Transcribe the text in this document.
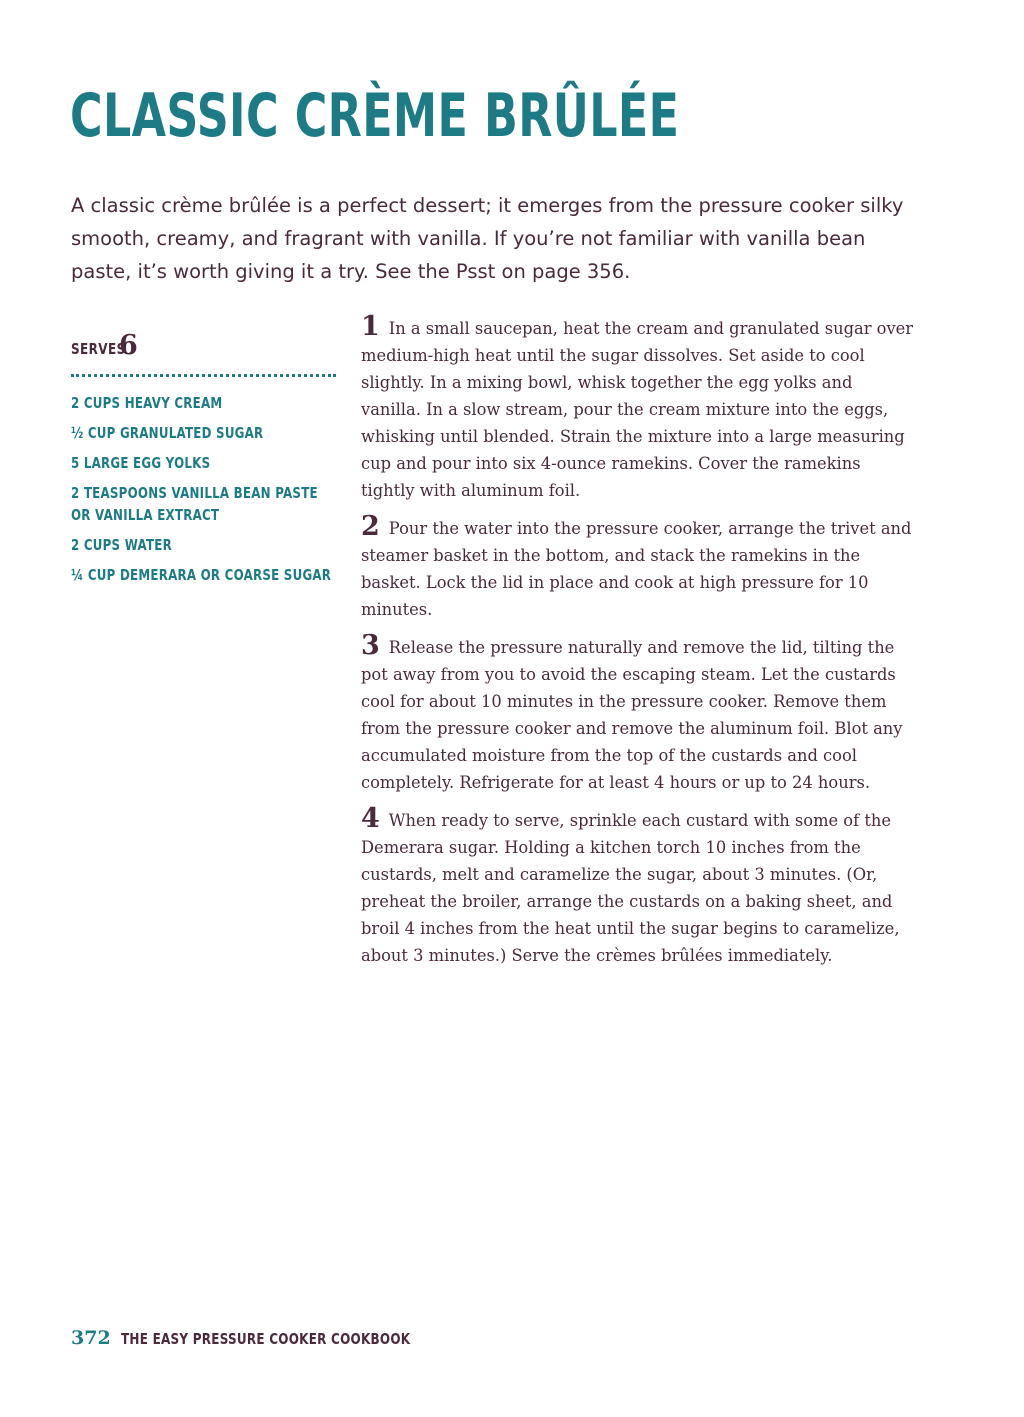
CLASSIC CRÈME BRÛLÉE

A classic crème brûlée is a perfect dessert; it emerges from the pressure cooker silky smooth, creamy, and fragrant with vanilla. If you’re not familiar with vanilla bean paste, it’s worth giving it a try. See the Psst on page 356.

SERVES
6
2 CUPS HEAVY CREAM
½ CUP GRANULATED SUGAR
5 LARGE EGG YOLKS
2 TEASPOONS VANILLA BEAN PASTE OR VANILLA EXTRACT
2 CUPS WATER
¼ CUP DEMERARA OR COARSE SUGAR

1 In a small saucepan, heat the cream and granulated sugar over medium-high heat until the sugar dissolves. Set aside to cool slightly. In a mixing bowl, whisk together the egg yolks and vanilla. In a slow stream, pour the cream mixture into the eggs, whisking until blended. Strain the mixture into a large measuring cup and pour into six 4-ounce ramekins. Cover the ramekins tightly with aluminum foil.

2 Pour the water into the pressure cooker, arrange the trivet and steamer basket in the bottom, and stack the ramekins in the basket. Lock the lid in place and cook at high pressure for 10 minutes.

3 Release the pressure naturally and remove the lid, tilting the pot away from you to avoid the escaping steam. Let the custards cool for about 10 minutes in the pressure cooker. Remove them from the pressure cooker and remove the aluminum foil. Blot any accumulated moisture from the top of the custards and cool completely. Refrigerate for at least 4 hours or up to 24 hours.

4 When ready to serve, sprinkle each custard with some of the Demerara sugar. Holding a kitchen torch 10 inches from the custards, melt and caramelize the sugar, about 3 minutes. (Or, preheat the broiler, arrange the custards on a baking sheet, and broil 4 inches from the heat until the sugar begins to caramelize, about 3 minutes.) Serve the crèmes brûlées immediately.

372 THE EASY PRESSURE COOKER COOKBOOK
